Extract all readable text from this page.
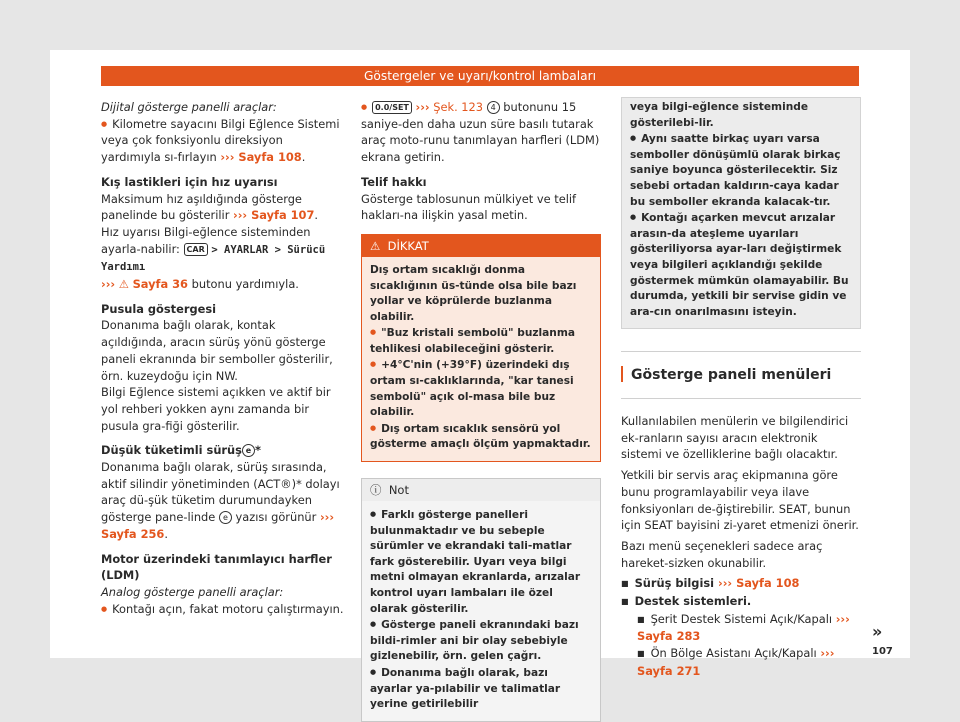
Göstergeler ve uyarı/kontrol lambaları

Dijital gösterge panelli araçlar:

● Kilometre sayacını Bilgi Eğlence Sistemi veya çok fonksiyonlu direksiyon yardımıyla sı-fırlayın ››› Sayfa 108.

Kış lastikleri için hız uyarısı

Maksimum hız aşıldığında gösterge panelinde bu gösterilir ››› Sayfa 107.

Hız uyarısı Bilgi-eğlence sisteminden ayarla-nabilir: CAR > AYARLAR > Sürücü Yardımı
››› ⚠ Sayfa 36 butonu yardımıyla.

Pusula göstergesi

Donanıma bağlı olarak, kontak açıldığında, aracın sürüş yönü gösterge paneli ekranında bir semboller gösterilir, örn. kuzeydoğu için NW.

Bilgi Eğlence sistemi açıkken ve aktif bir yol rehberi yokken aynı zamanda bir pusula gra-fiği gösterilir.

Düşük tüketimli sürüş e *

Donanıma bağlı olarak, sürüş sırasında, aktif silindir yönetiminden (ACT®)* dolayı araç dü-şük tüketim durumundayken gösterge pane-linde e yazısı görünür ››› Sayfa 256.

Motor üzerindeki tanımlayıcı harfler (LDM)

Analog gösterge panelli araçlar:

● Kontağı açın, fakat motoru çalıştırmayın.

● 0.0/SET ››› Şek. 123 4 butonunu 15 saniye-den daha uzun süre basılı tutarak araç moto-runu tanımlayan harfleri (LDM) ekrana getirin.

Telif hakkı

Gösterge tablosunun mülkiyet ve telif hakları-na ilişkin yasal metin.

⚠ DİKKAT

Dış ortam sıcaklığı donma sıcaklığının üs-tünde olsa bile bazı yollar ve köprülerde buzlanma olabilir.

● "Buz kristali sembolü" buzlanma tehlikesi olabileceğini gösterir.

● +4°C'nin (+39°F) üzerindeki dış ortam sı-caklıklarında, "kar tanesi sembolü" açık ol-masa bile buz olabilir.

● Dış ortam sıcaklık sensörü yol gösterme amaçlı ölçüm yapmaktadır.

ⓘ Not

● Farklı gösterge panelleri bulunmaktadır ve bu sebeple sürümler ve ekrandaki tali-matlar fark gösterebilir. Uyarı veya bilgi metni olmayan ekranlarda, arızalar kontrol uyarı lambaları ile özel olarak gösterilir.

● Gösterge paneli ekranındaki bazı bildi-rimler ani bir olay sebebiyle gizlenebilir, örn. gelen çağrı.

● Donanıma bağlı olarak, bazı ayarlar ya-pılabilir ve talimatlar yerine getirilebilir

veya bilgi-eğlence sisteminde gösterilebi-lir.

● Aynı saatte birkaç uyarı varsa semboller dönüşümlü olarak birkaç saniye boyunca gösterilecektir. Siz sebebi ortadan kaldırın-caya kadar bu semboller ekranda kalacak-tır.

● Kontağı açarken mevcut arızalar arasın-da ateşleme uyarıları gösteriliyorsa ayar-ları değiştirmek veya bilgileri açıklandığı şekilde göstermek mümkün olamayabilir. Bu durumda, yetkili bir servise gidin ve ara-cın onarılmasını isteyin.

Gösterge paneli menüleri

Kullanılabilen menülerin ve bilgilendirici ek-ranların sayısı aracın elektronik sistemi ve özelliklerine bağlı olacaktır.

Yetkili bir servis araç ekipmanına göre bunu programlayabilir veya ilave fonksiyonları de-ğiştirebilir. SEAT, bunun için SEAT bayisini zi-yaret etmenizi önerir.

Bazı menü seçenekleri sadece araç hareket-sizken okunabilir.

■ Sürüş bilgisi ››› Sayfa 108

■ Destek sistemleri.

■ Şerit Destek Sistemi Açık/Kapalı ››› Sayfa 283

■ Ön Bölge Asistanı Açık/Kapalı ››› Sayfa 271

»
107
